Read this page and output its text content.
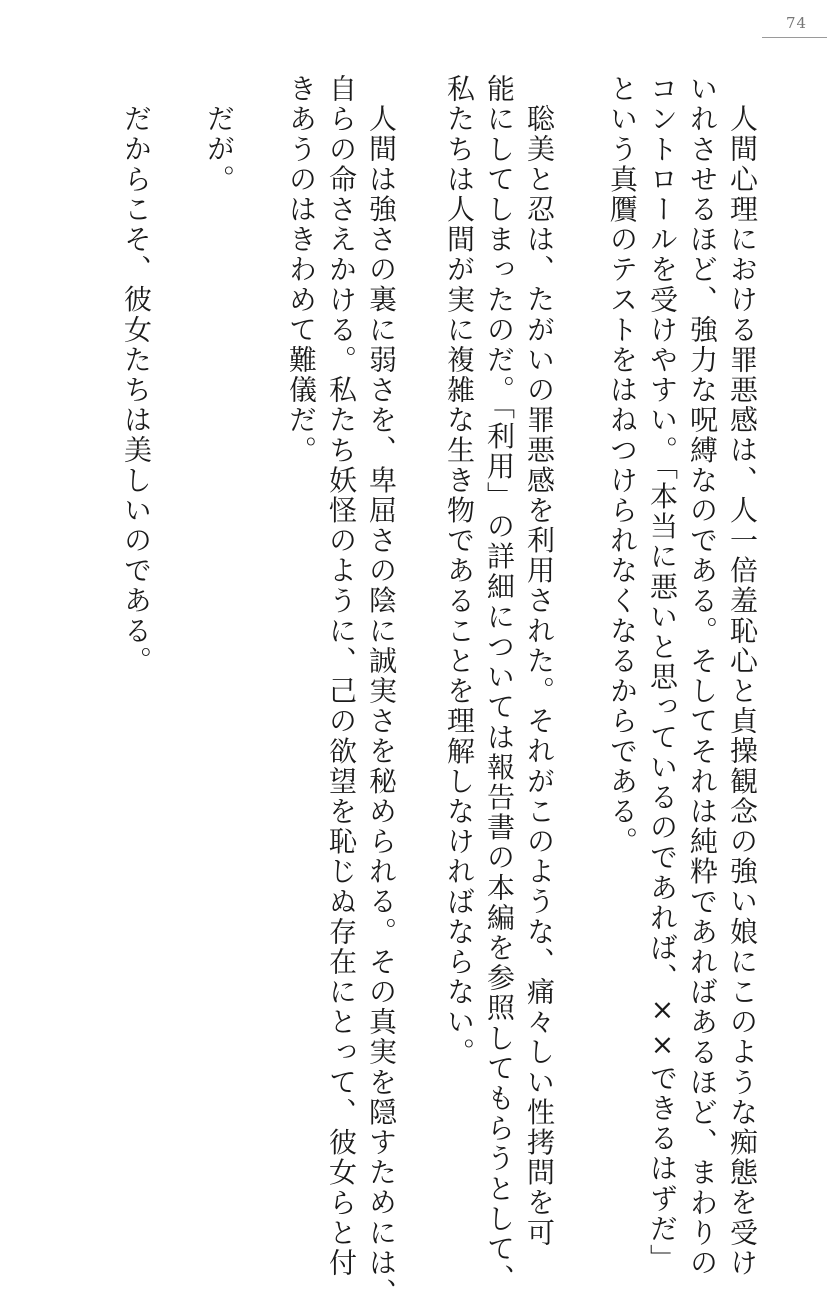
74
人間心理における罪悪感は、人一倍羞恥心と貞操観念の強い娘にこのような痴態を受け
いれさせるほど、強力な呪縛なのである。そしてそれは純粋であればあるほど、まわりの
コントロールを受けやすい。「本当に悪いと思っているのであれば、××できるはずだ」
という真贋のテストをはねつけられなくなるからである。
聡美と忍は、たがいの罪悪感を利用された。それがこのような、痛々しい性拷問を可
能にしてしまったのだ。「利用」の詳細については報告書の本編を参照してもらうとして、
私たちは人間が実に複雑な生き物であることを理解しなければならない。
人間は強さの裏に弱さを、卑屈さの陰に誠実さを秘められる。その真実を隠すためには、
自らの命さえかける。私たち妖怪のように、己の欲望を恥じぬ存在にとって、彼女らと付
きあうのはきわめて難儀だ。
だが。
だからこそ、彼女たちは美しいのである。
